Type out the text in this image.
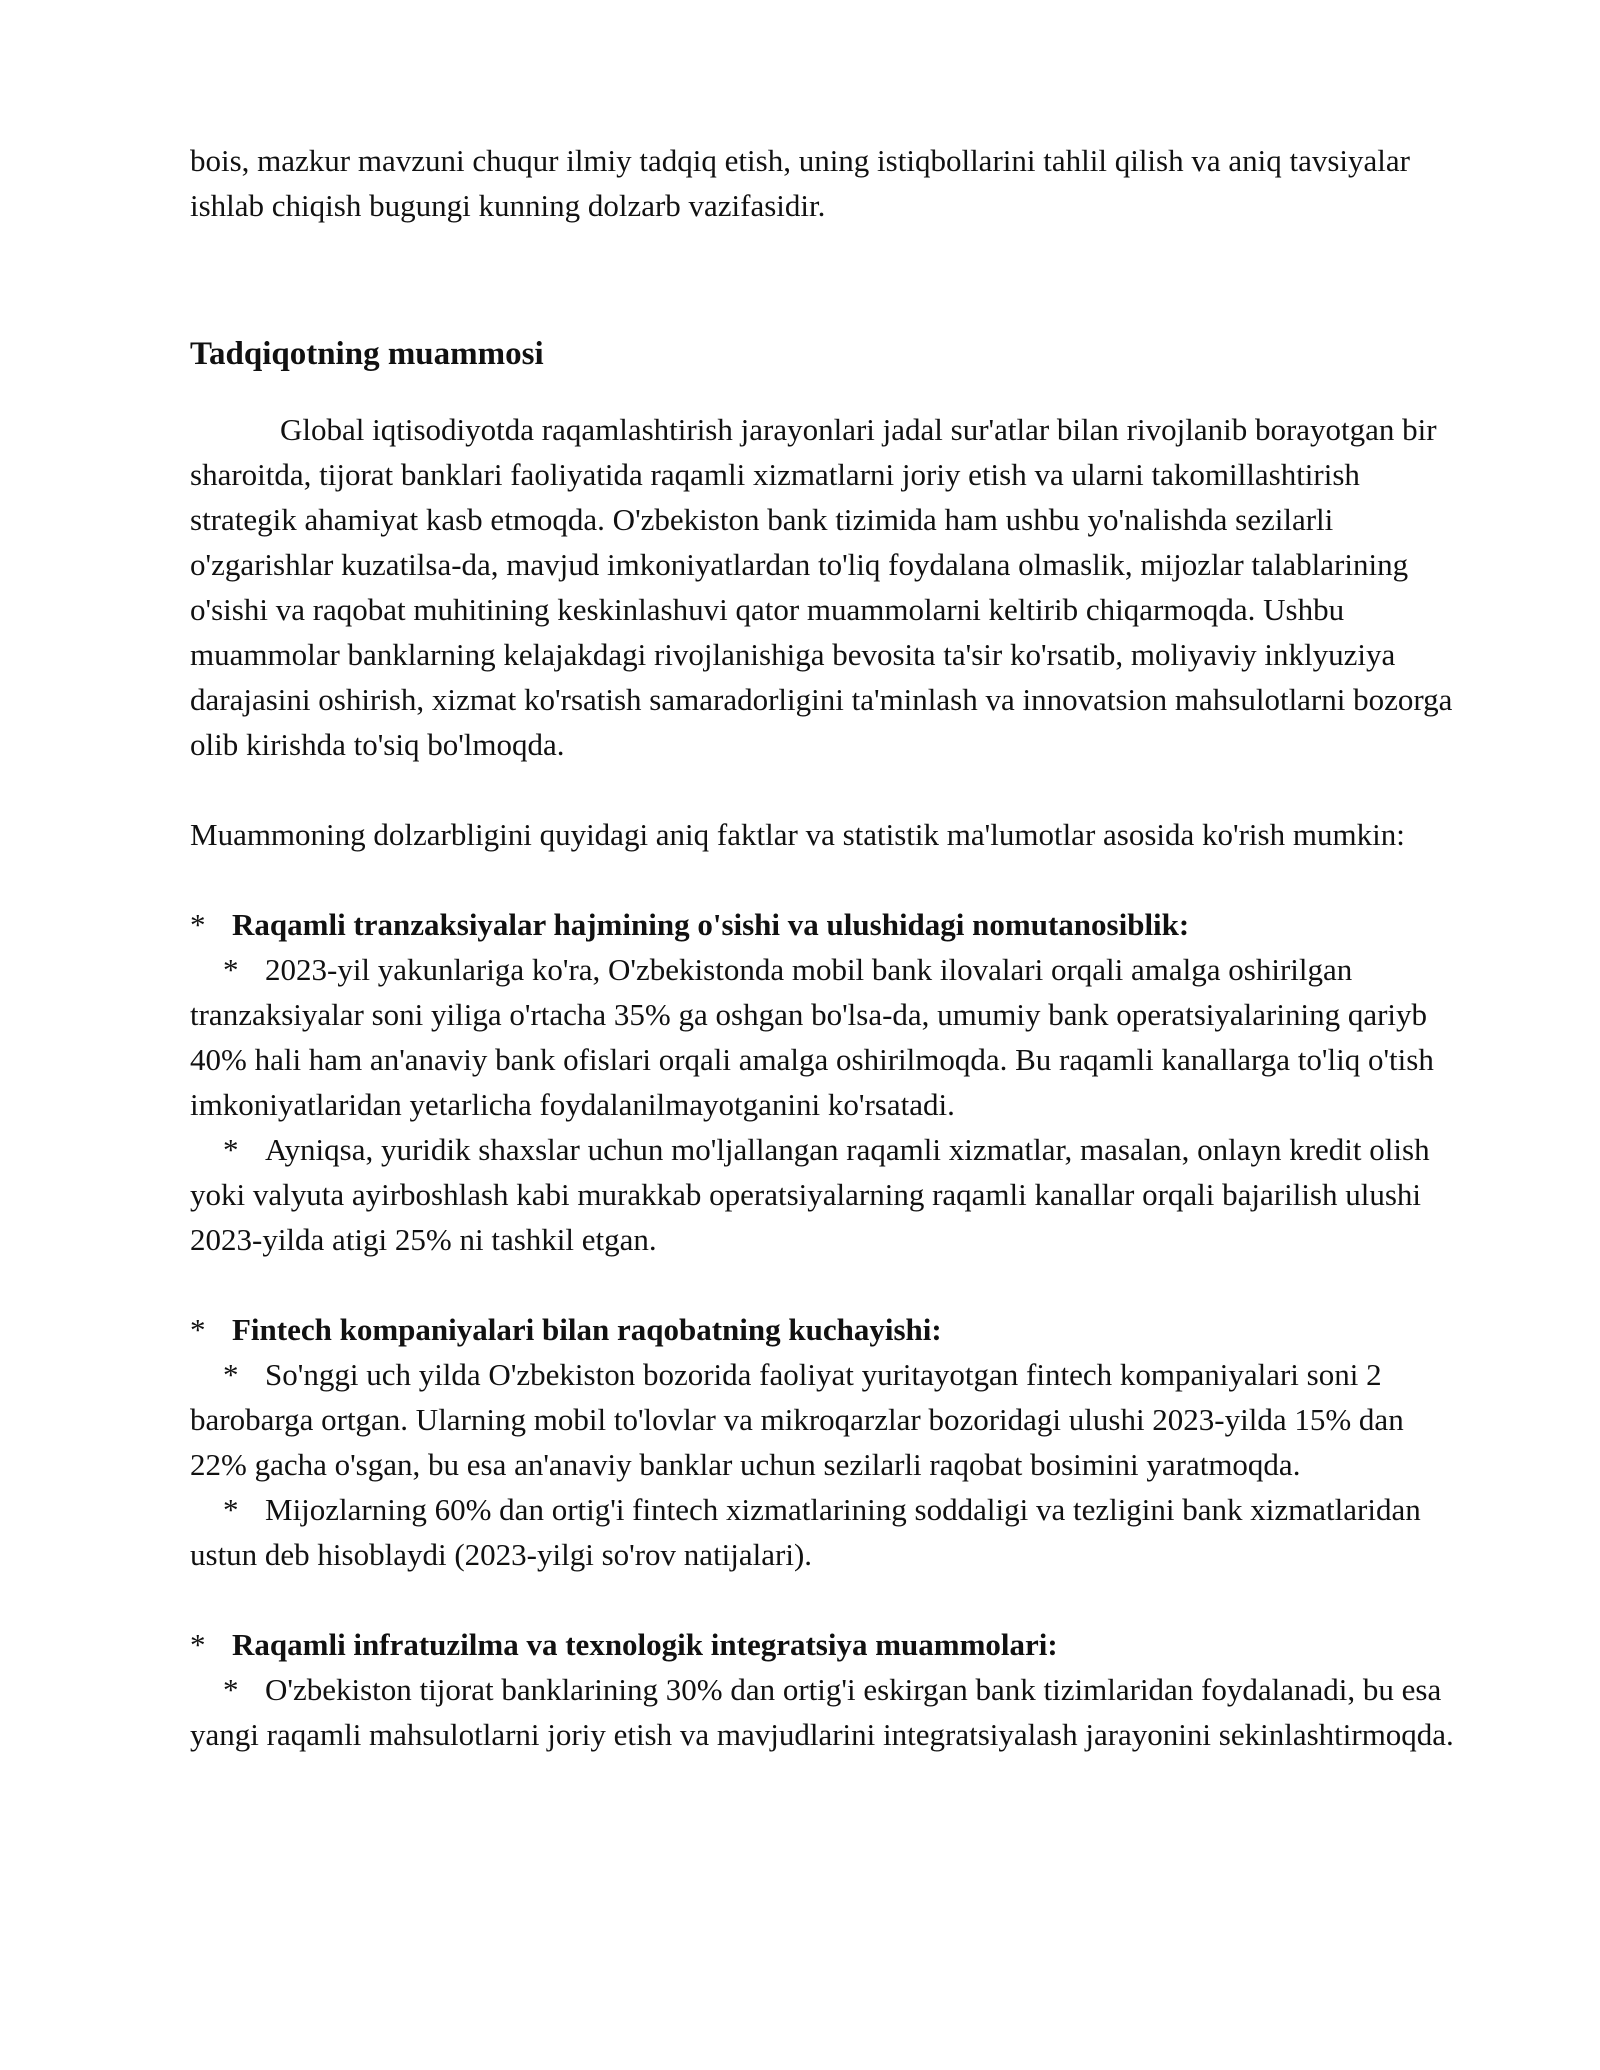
bois, mazkur mavzuni chuqur ilmiy tadqiq etish, uning istiqbollarini tahlil qilish va aniq tavsiyalar ishlab chiqish bugungi kunning dolzarb vazifasidir.

Tadqiqotning muammosi

Global iqtisodiyotda raqamlashtirish jarayonlari jadal sur'atlar bilan rivojlanib borayotgan bir sharoitda, tijorat banklari faoliyatida raqamli xizmatlarni joriy etish va ularni takomillashtirish strategik ahamiyat kasb etmoqda. O'zbekiston bank tizimida ham ushbu yo'nalishda sezilarli o'zgarishlar kuzatilsa-da, mavjud imkoniyatlardan to'liq foydalana olmaslik, mijozlar talablarining o'sishi va raqobat muhitining keskinlashuvi qator muammolarni keltirib chiqarmoqda. Ushbu muammolar banklarning kelajakdagi rivojlanishiga bevosita ta'sir ko'rsatib, moliyaviy inklyuziya darajasini oshirish, xizmat ko'rsatish samaradorligini ta'minlash va innovatsion mahsulotlarni bozorga olib kirishda to'siq bo'lmoqda.

Muammoning dolzarbligini quyidagi aniq faktlar va statistik ma'lumotlar asosida ko'rish mumkin:

* Raqamli tranzaksiyalar hajmining o'sishi va ulushidagi nomutanosiblik:

* 2023-yil yakunlariga ko'ra, O'zbekistonda mobil bank ilovalari orqali amalga oshirilgan tranzaksiyalar soni yiliga o'rtacha 35% ga oshgan bo'lsa-da, umumiy bank operatsiyalarining qariyb 40% hali ham an'anaviy bank ofislari orqali amalga oshirilmoqda. Bu raqamli kanallarga to'liq o'tish imkoniyatlaridan yetarlicha foydalanilmayotganini ko'rsatadi.

* Ayniqsa, yuridik shaxslar uchun mo'ljallangan raqamli xizmatlar, masalan, onlayn kredit olish yoki valyuta ayirboshlash kabi murakkab operatsiyalarning raqamli kanallar orqali bajarilish ulushi 2023-yilda atigi 25% ni tashkil etgan.

* Fintech kompaniyalari bilan raqobatning kuchayishi:

* So'nggi uch yilda O'zbekiston bozorida faoliyat yuritayotgan fintech kompaniyalari soni 2 barobarga ortgan. Ularning mobil to'lovlar va mikroqarzlar bozoridagi ulushi 2023-yilda 15% dan 22% gacha o'sgan, bu esa an'anaviy banklar uchun sezilarli raqobat bosimini yaratmoqda.

* Mijozlarning 60% dan ortig'i fintech xizmatlarining soddaligi va tezligini bank xizmatlaridan ustun deb hisoblaydi (2023-yilgi so'rov natijalari).

* Raqamli infratuzilma va texnologik integratsiya muammolari:

* O'zbekiston tijorat banklarining 30% dan ortig'i eskirgan bank tizimlaridan foydalanadi, bu esa yangi raqamli mahsulotlarni joriy etish va mavjudlarini integratsiyalash jarayonini sekinlashtirmoqda.
